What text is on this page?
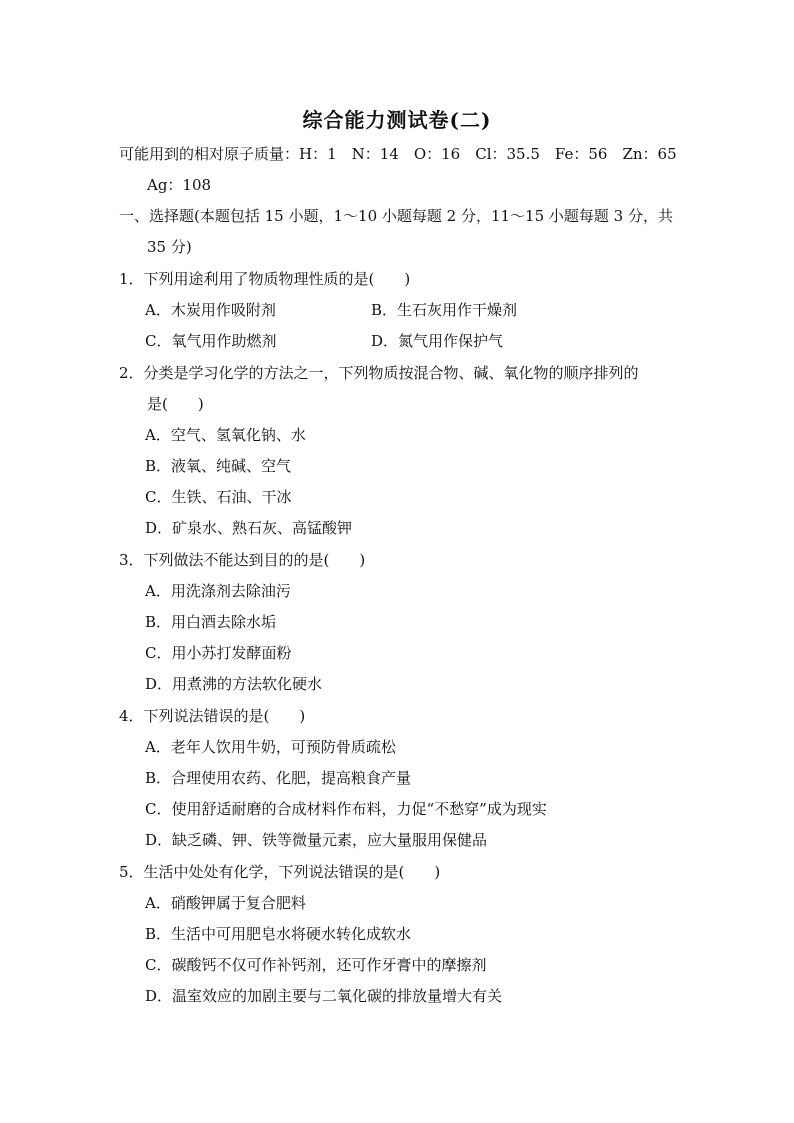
综合能力测试卷(二)
可能用到的相对原子质量：H：1　N：14　O：16　Cl：35.5　Fe：56　Zn：65
Ag：108
一、选择题(本题包括 15 小题，1～10 小题每题 2 分，11～15 小题每题 3 分，共
35 分)
1．下列用途利用了物质物理性质的是(　　)
A．木炭用作吸附剂	B．生石灰用作干燥剂
C．氧气用作助燃剂	D．氮气用作保护气
2．分类是学习化学的方法之一，下列物质按混合物、碱、氧化物的顺序排列的
是(　　)
A．空气、氢氧化钠、水
B．液氧、纯碱、空气
C．生铁、石油、干冰
D．矿泉水、熟石灰、高锰酸钾
3．下列做法不能达到目的的是(　　)
A．用洗涤剂去除油污
B．用白酒去除水垢
C．用小苏打发酵面粉
D．用煮沸的方法软化硬水
4．下列说法错误的是(　　)
A．老年人饮用牛奶，可预防骨质疏松
B．合理使用农药、化肥，提高粮食产量
C．使用舒适耐磨的合成材料作布料，力促“不愁穿”成为现实
D．缺乏磷、钾、铁等微量元素，应大量服用保健品
5．生活中处处有化学，下列说法错误的是(　　)
A．硝酸钾属于复合肥料
B．生活中可用肥皂水将硬水转化成软水
C．碳酸钙不仅可作补钙剂，还可作牙膏中的摩擦剂
D．温室效应的加剧主要与二氧化碳的排放量增大有关
